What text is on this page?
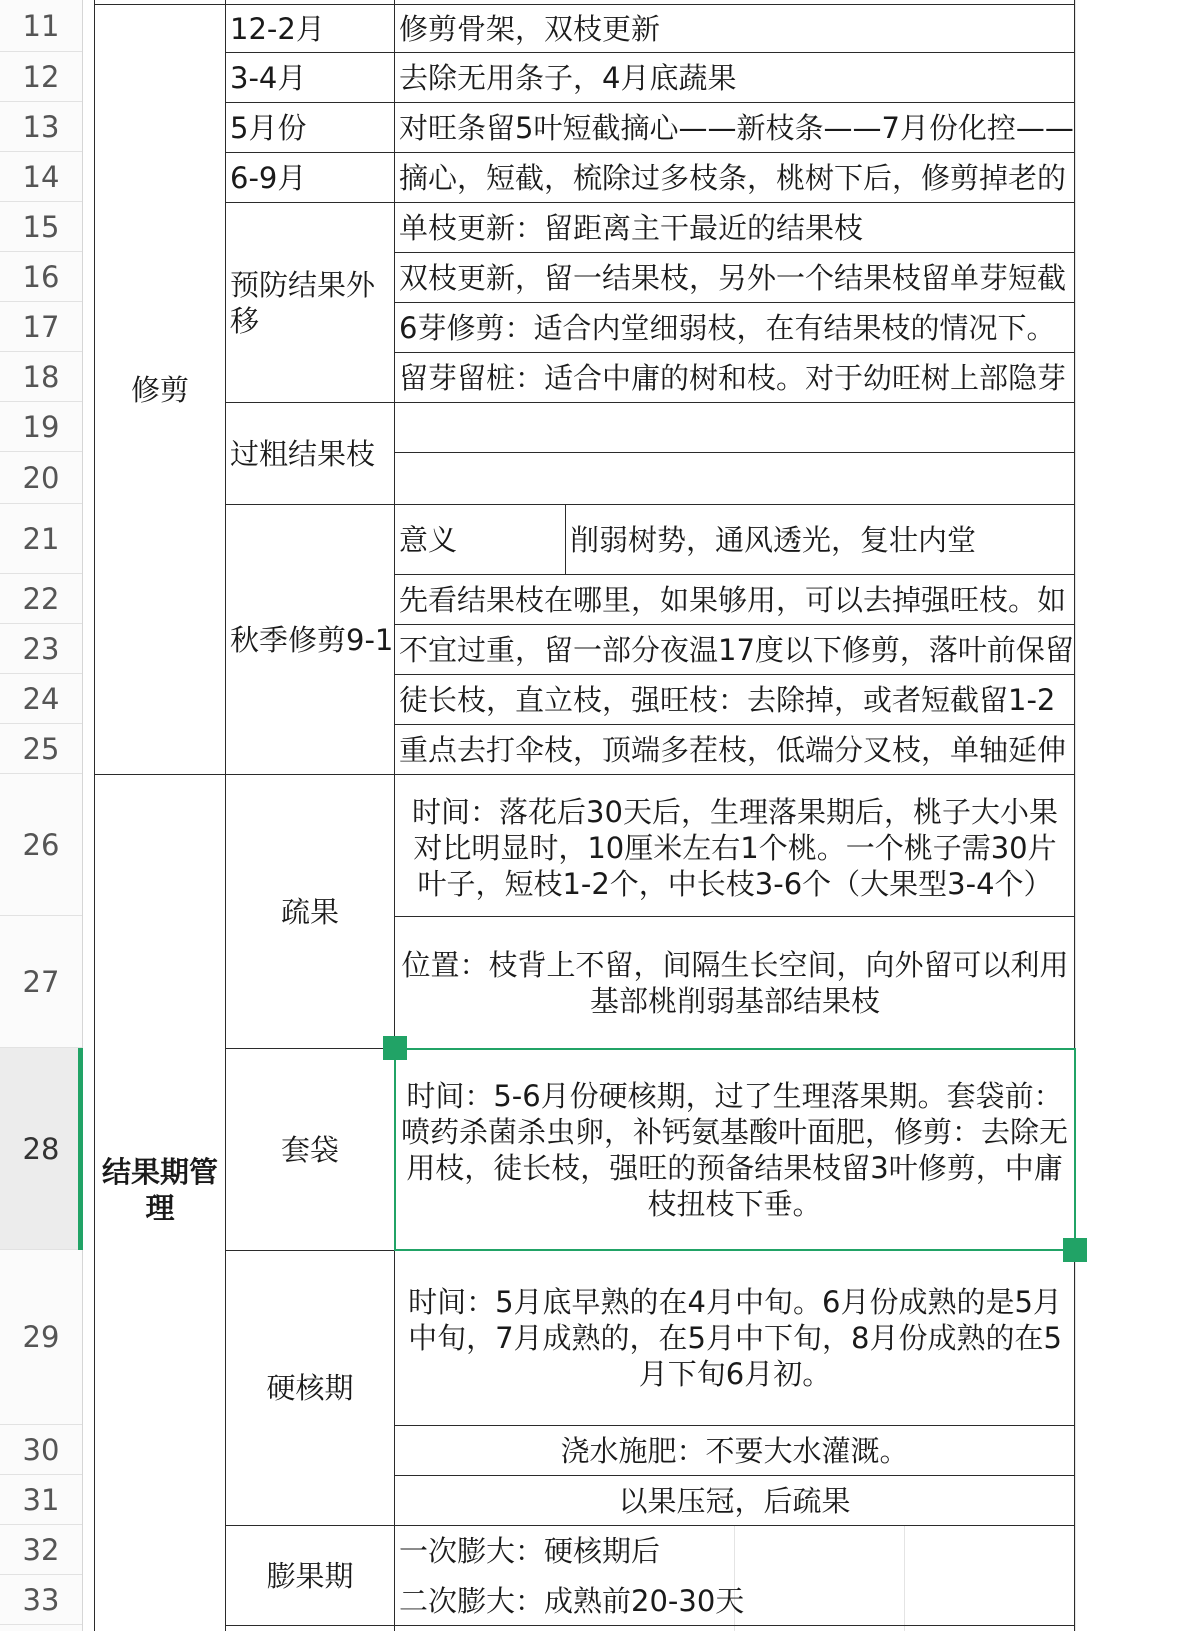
11
12
13
14
15
16
17
18
19
20
21
22
23
24
25
26
27
28
29
30
31
32
33
修剪
结果期管理
12-2月
3-4月
5月份
6-9月
预防结果外移
过粗结果枝
秋季修剪9-1
疏果
套袋
硬核期
膨果期
修剪骨架，双枝更新
去除无用条子，4月底蔬果
对旺条留5叶短截摘心——新枝条——7月份化控——
摘心，短截，梳除过多枝条，桃树下后，修剪掉老的
单枝更新：留距离主干最近的结果枝
双枝更新，留一结果枝，另外一个结果枝留单芽短截
6芽修剪：适合内堂细弱枝，在有结果枝的情况下。
留芽留桩：适合中庸的树和枝。对于幼旺树上部隐芽
意义	削弱树势，通风透光，复壮内堂
先看结果枝在哪里，如果够用，可以去掉强旺枝。如
不宜过重，留一部分夜温17度以下修剪，落叶前保留
徒长枝，直立枝，强旺枝：去除掉，或者短截留1-2
重点去打伞枝，顶端多茬枝，低端分叉枝，单轴延伸
时间：落花后30天后，生理落果期后，桃子大小果对比明显时，10厘米左右1个桃。一个桃子需30片叶子，短枝1-2个，中长枝3-6个（大果型3-4个）
位置：枝背上不留，间隔生长空间，向外留可以利用基部桃削弱基部结果枝
时间：5-6月份硬核期，过了生理落果期。套袋前：喷药杀菌杀虫卵，补钙氨基酸叶面肥，修剪：去除无用枝，徒长枝，强旺的预备结果枝留3叶修剪，中庸枝扭枝下垂。
时间：5月底早熟的在4月中旬。6月份成熟的是5月中旬，7月成熟的，在5月中下旬，8月份成熟的在5月下旬6月初。
浇水施肥：不要大水灌溉。
以果压冠，后疏果
一次膨大：硬核期后
二次膨大：成熟前20-30天
